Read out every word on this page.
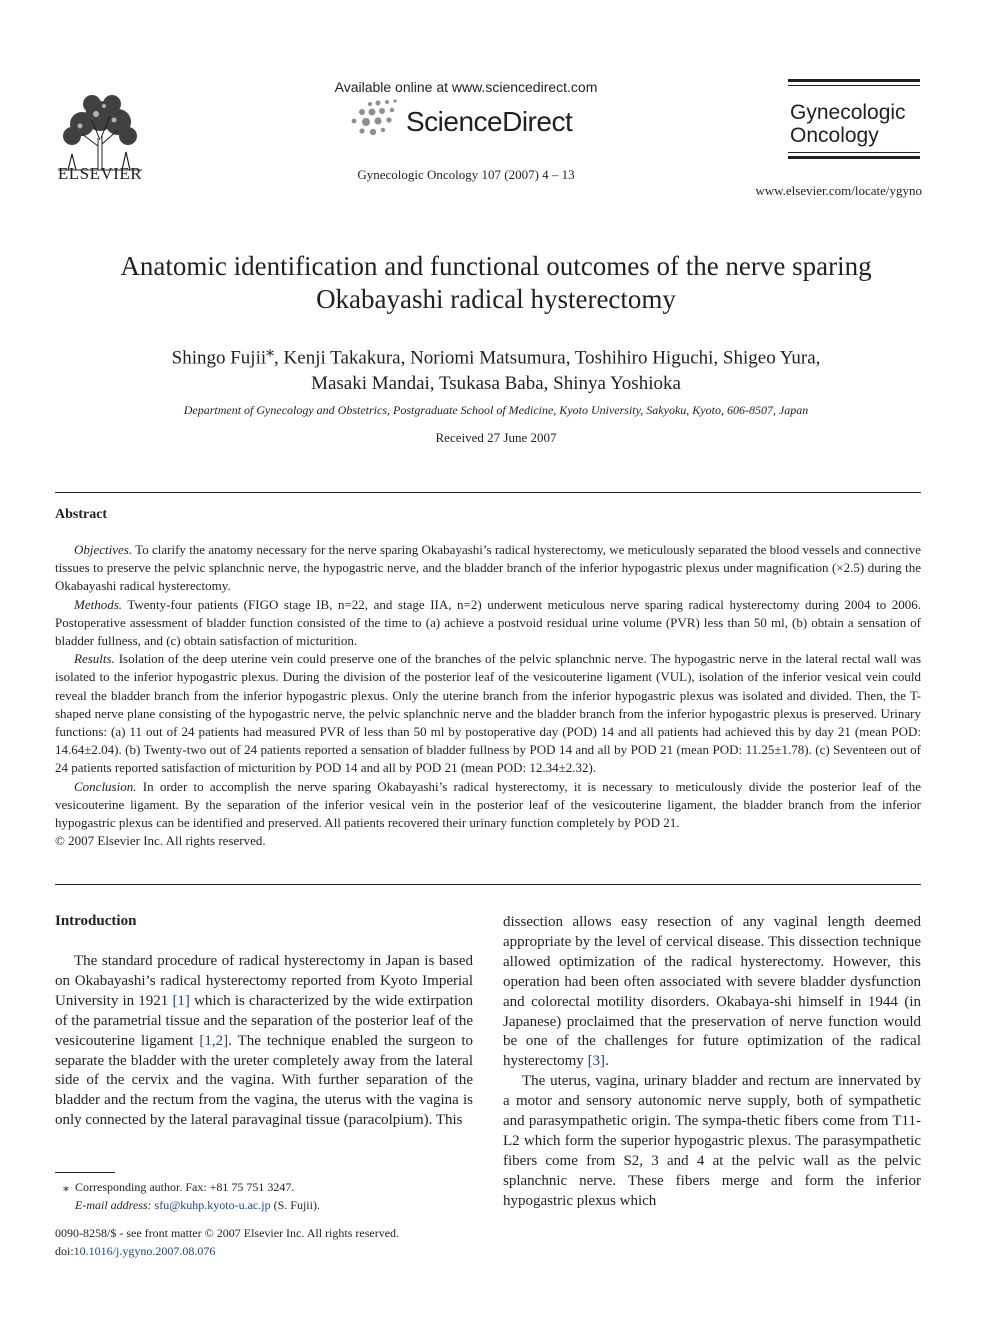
ELSEVIER
Available online at www.sciencedirect.com
ScienceDirect
Gynecologic Oncology 107 (2007) 4 – 13
Gynecologic
Oncology
www.elsevier.com/locate/ygyno
Anatomic identification and functional outcomes of the nerve sparing
Okabayashi radical hysterectomy
Shingo Fujii⁎, Kenji Takakura, Noriomi Matsumura, Toshihiro Higuchi, Shigeo Yura,
Masaki Mandai, Tsukasa Baba, Shinya Yoshioka
Department of Gynecology and Obstetrics, Postgraduate School of Medicine, Kyoto University, Sakyoku, Kyoto, 606-8507, Japan
Received 27 June 2007
Abstract

Objectives. To clarify the anatomy necessary for the nerve sparing Okabayashi’s radical hysterectomy, we meticulously separated the blood vessels and connective tissues to preserve the pelvic splanchnic nerve, the hypogastric nerve, and the bladder branch of the inferior hypogastric plexus under magnification (×2.5) during the Okabayashi radical hysterectomy.

Methods. Twenty-four patients (FIGO stage IB, n=22, and stage IIA, n=2) underwent meticulous nerve sparing radical hysterectomy during 2004 to 2006. Postoperative assessment of bladder function consisted of the time to (a) achieve a postvoid residual urine volume (PVR) less than 50 ml, (b) obtain a sensation of bladder fullness, and (c) obtain satisfaction of micturition.

Results. Isolation of the deep uterine vein could preserve one of the branches of the pelvic splanchnic nerve. The hypogastric nerve in the lateral rectal wall was isolated to the inferior hypogastric plexus. During the division of the posterior leaf of the vesicouterine ligament (VUL), isolation of the inferior vesical vein could reveal the bladder branch from the inferior hypogastric plexus. Only the uterine branch from the inferior hypogastric plexus was isolated and divided. Then, the T-shaped nerve plane consisting of the hypogastric nerve, the pelvic splanchnic nerve and the bladder branch from the inferior hypogastric plexus is preserved. Urinary functions: (a) 11 out of 24 patients had measured PVR of less than 50 ml by postoperative day (POD) 14 and all patients had achieved this by day 21 (mean POD: 14.64±2.04). (b) Twenty-two out of 24 patients reported a sensation of bladder fullness by POD 14 and all by POD 21 (mean POD: 11.25±1.78). (c) Seventeen out of 24 patients reported satisfaction of micturition by POD 14 and all by POD 21 (mean POD: 12.34±2.32).

Conclusion. In order to accomplish the nerve sparing Okabayashi’s radical hysterectomy, it is necessary to meticulously divide the posterior leaf of the vesicouterine ligament. By the separation of the inferior vesical vein in the posterior leaf of the vesicouterine ligament, the bladder branch from the inferior hypogastric plexus can be identified and preserved. All patients recovered their urinary function completely by POD 21.

© 2007 Elsevier Inc. All rights reserved.

Introduction

The standard procedure of radical hysterectomy in Japan is based on Okabayashi’s radical hysterectomy reported from Kyoto Imperial University in 1921 [1] which is characterized by the wide extirpation of the parametrial tissue and the separation of the posterior leaf of the vesicouterine ligament [1,2]. The technique enabled the surgeon to separate the bladder with the ureter completely away from the lateral side of the cervix and the vagina. With further separation of the bladder and the rectum from the vagina, the uterus with the vagina is only connected by the lateral paravaginal tissue (paracolpium). This

dissection allows easy resection of any vaginal length deemed appropriate by the level of cervical disease. This dissection technique allowed optimization of the radical hysterectomy. However, this operation had been often associated with severe bladder dysfunction and colorectal motility disorders. Okabaya-shi himself in 1944 (in Japanese) proclaimed that the preservation of nerve function would be one of the challenges for future optimization of the radical hysterectomy [3].

The uterus, vagina, urinary bladder and rectum are innervated by a motor and sensory autonomic nerve supply, both of sympathetic and parasympathetic origin. The sympa-thetic fibers come from T11-L2 which form the superior hypogastric plexus. The parasympathetic fibers come from S2, 3 and 4 at the pelvic wall as the pelvic splanchnic nerve. These fibers merge and form the inferior hypogastric plexus which

⁎ Corresponding author. Fax: +81 75 751 3247.
E-mail address: sfu@kuhp.kyoto-u.ac.jp (S. Fujii).
0090-8258/$ - see front matter © 2007 Elsevier Inc. All rights reserved.
doi:10.1016/j.ygyno.2007.08.076
